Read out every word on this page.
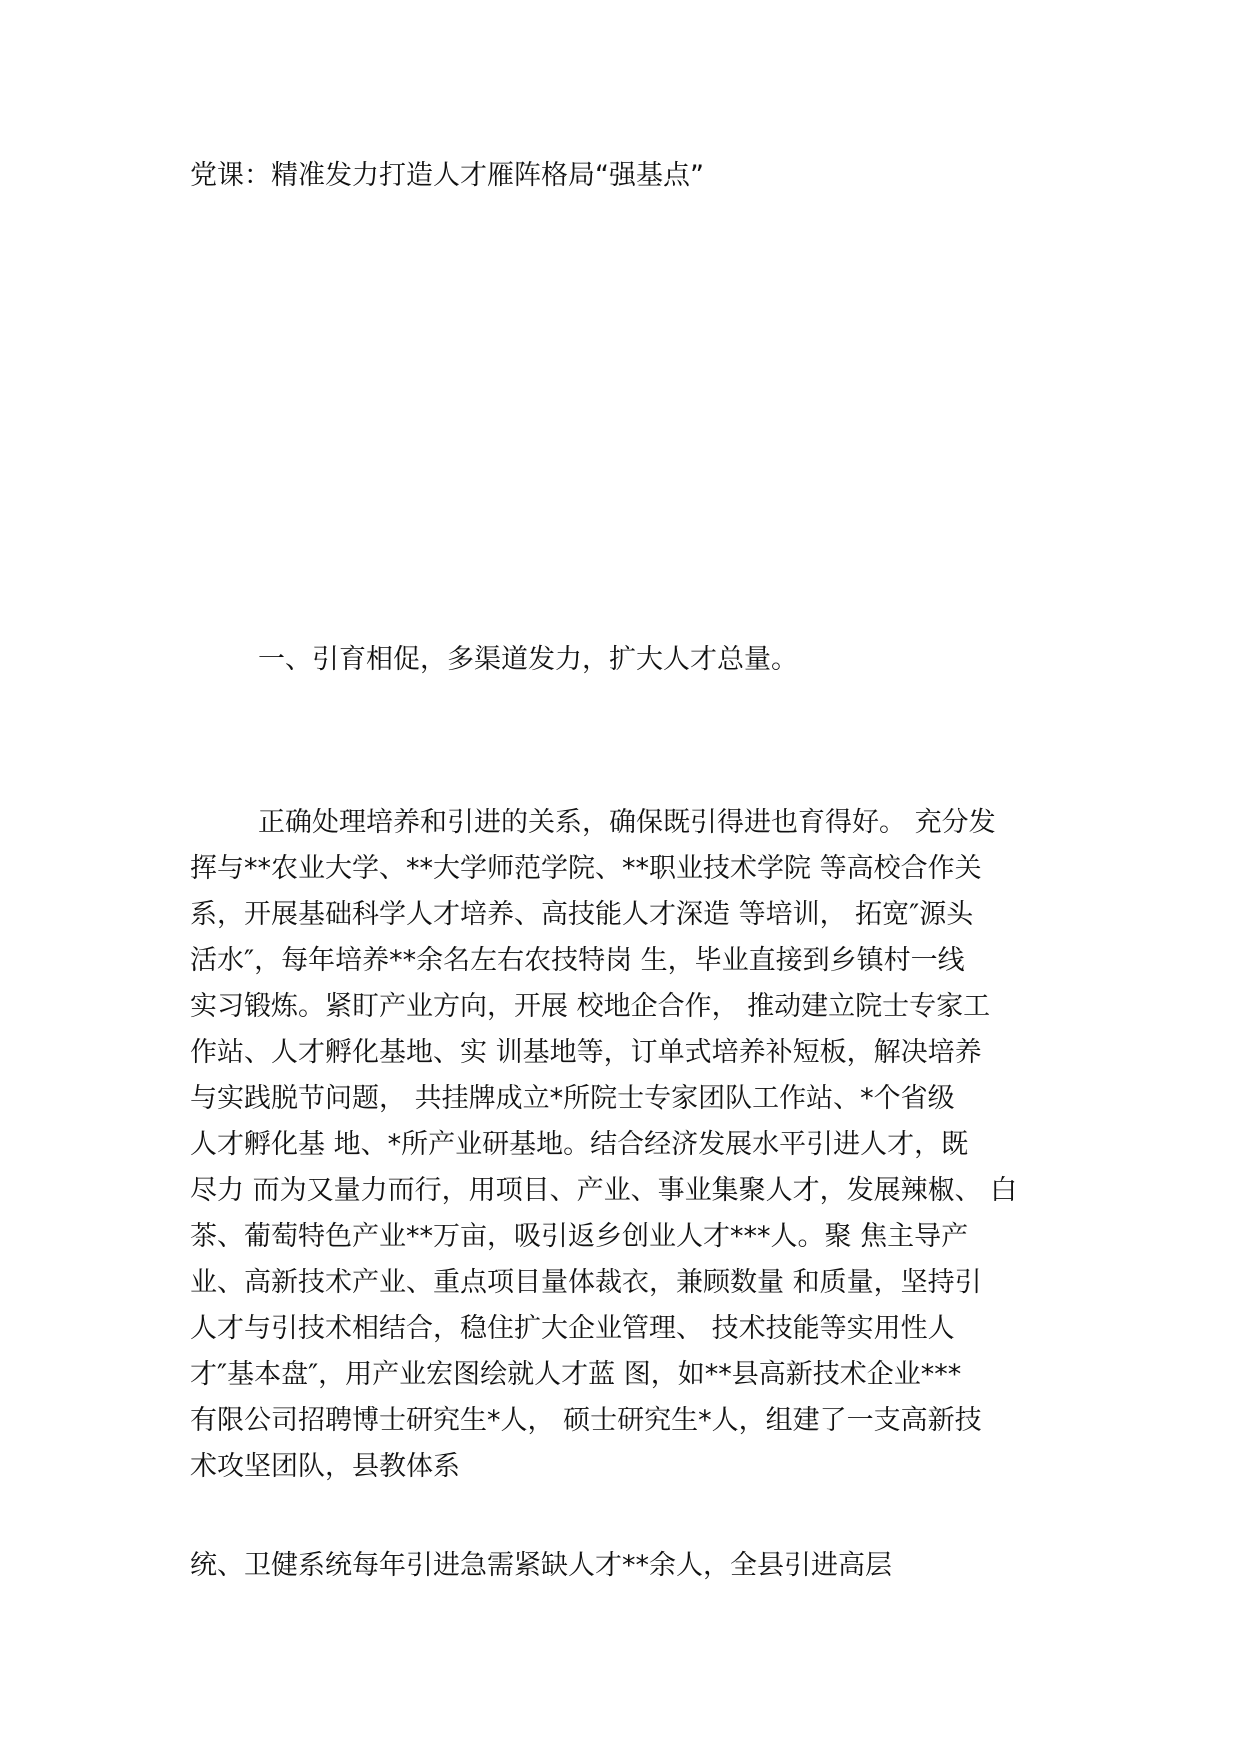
党课：精准发力打造人才雁阵格局“强基点”
一、引育相促，多渠道发力，扩大人才总量。
正确处理培养和引进的关系，确保既引得进也育得好。 充分发
挥与**农业大学、**大学师范学院、**职业技术学院 等高校合作关
系，开展基础科学人才培养、高技能人才深造 等培训， 拓宽″源头
活水″，每年培养**余名左右农技特岗 生，毕业直接到乡镇村一线
实习锻炼。紧盯产业方向，开展 校地企合作， 推动建立院士专家工
作站、人才孵化基地、实 训基地等，订单式培养补短板，解决培养
与实践脱节问题， 共挂牌成立*所院士专家团队工作站、*个省级
人才孵化基 地、*所产业研基地。结合经济发展水平引进人才，既
尽力 而为又量力而行，用项目、产业、事业集聚人才，发展辣椒、 白
茶、葡萄特色产业**万亩，吸引返乡创业人才***人。聚 焦主导产
业、高新技术产业、重点项目量体裁衣，兼顾数量 和质量，坚持引
人才与引技术相结合，稳住扩大企业管理、 技术技能等实用性人
才″基本盘″，用产业宏图绘就人才蓝 图，如**县高新技术企业***
有限公司招聘博士研究生*人， 硕士研究生*人，组建了一支高新技
术攻坚团队，县教体系
统、卫健系统每年引进急需紧缺人才**余人，全县引进高层
